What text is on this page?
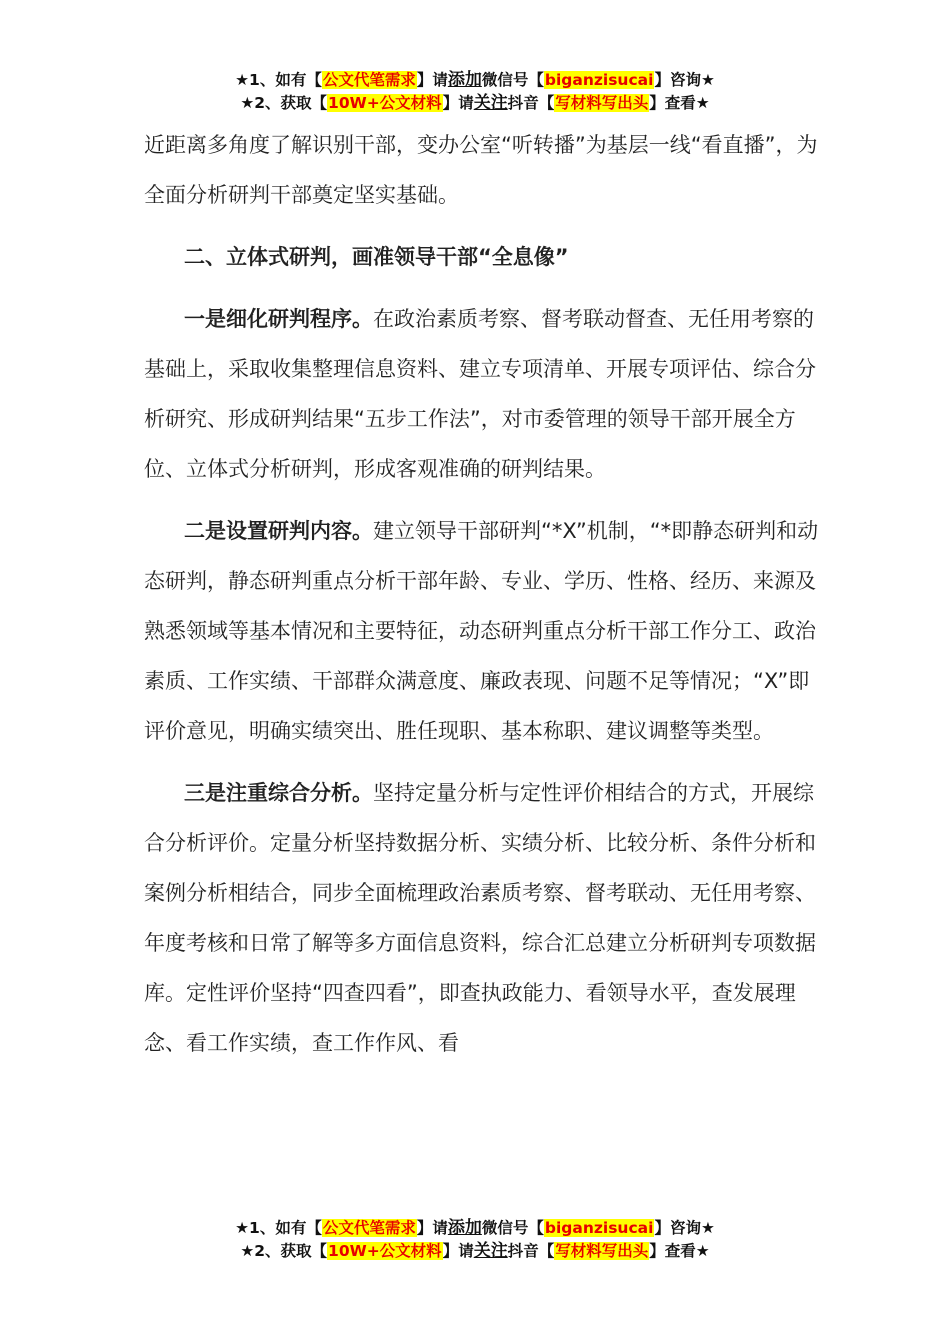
★1、如有【公文代笔需求】请添加微信号【biganzisucai】咨询★
★2、获取【10W+公文材料】请关注抖音【写材料写出头】查看★

近距离多角度了解识别干部，变办公室“听转播”为基层一线“看直播”，为全面分析研判干部奠定坚实基础。

二、立体式研判，画准领导干部“全息像”

一是细化研判程序。在政治素质考察、督考联动督查、无任用考察的基础上，采取收集整理信息资料、建立专项清单、开展专项评估、综合分析研究、形成研判结果“五步工作法”，对市委管理的领导干部开展全方位、立体式分析研判，形成客观准确的研判结果。

二是设置研判内容。建立领导干部研判“*X”机制，“*即静态研判和动态研判，静态研判重点分析干部年龄、专业、学历、性格、经历、来源及熟悉领域等基本情况和主要特征，动态研判重点分析干部工作分工、政治素质、工作实绩、干部群众满意度、廉政表现、问题不足等情况；“X”即评价意见，明确实绩突出、胜任现职、基本称职、建议调整等类型。

三是注重综合分析。坚持定量分析与定性评价相结合的方式，开展综合分析评价。定量分析坚持数据分析、实绩分析、比较分析、条件分析和案例分析相结合，同步全面梳理政治素质考察、督考联动、无任用考察、年度考核和日常了解等多方面信息资料，综合汇总建立分析研判专项数据库。定性评价坚持“四查四看”，即查执政能力、看领导水平，查发展理念、看工作实绩，查工作作风、看

★1、如有【公文代笔需求】请添加微信号【biganzisucai】咨询★
★2、获取【10W+公文材料】请关注抖音【写材料写出头】查看★
